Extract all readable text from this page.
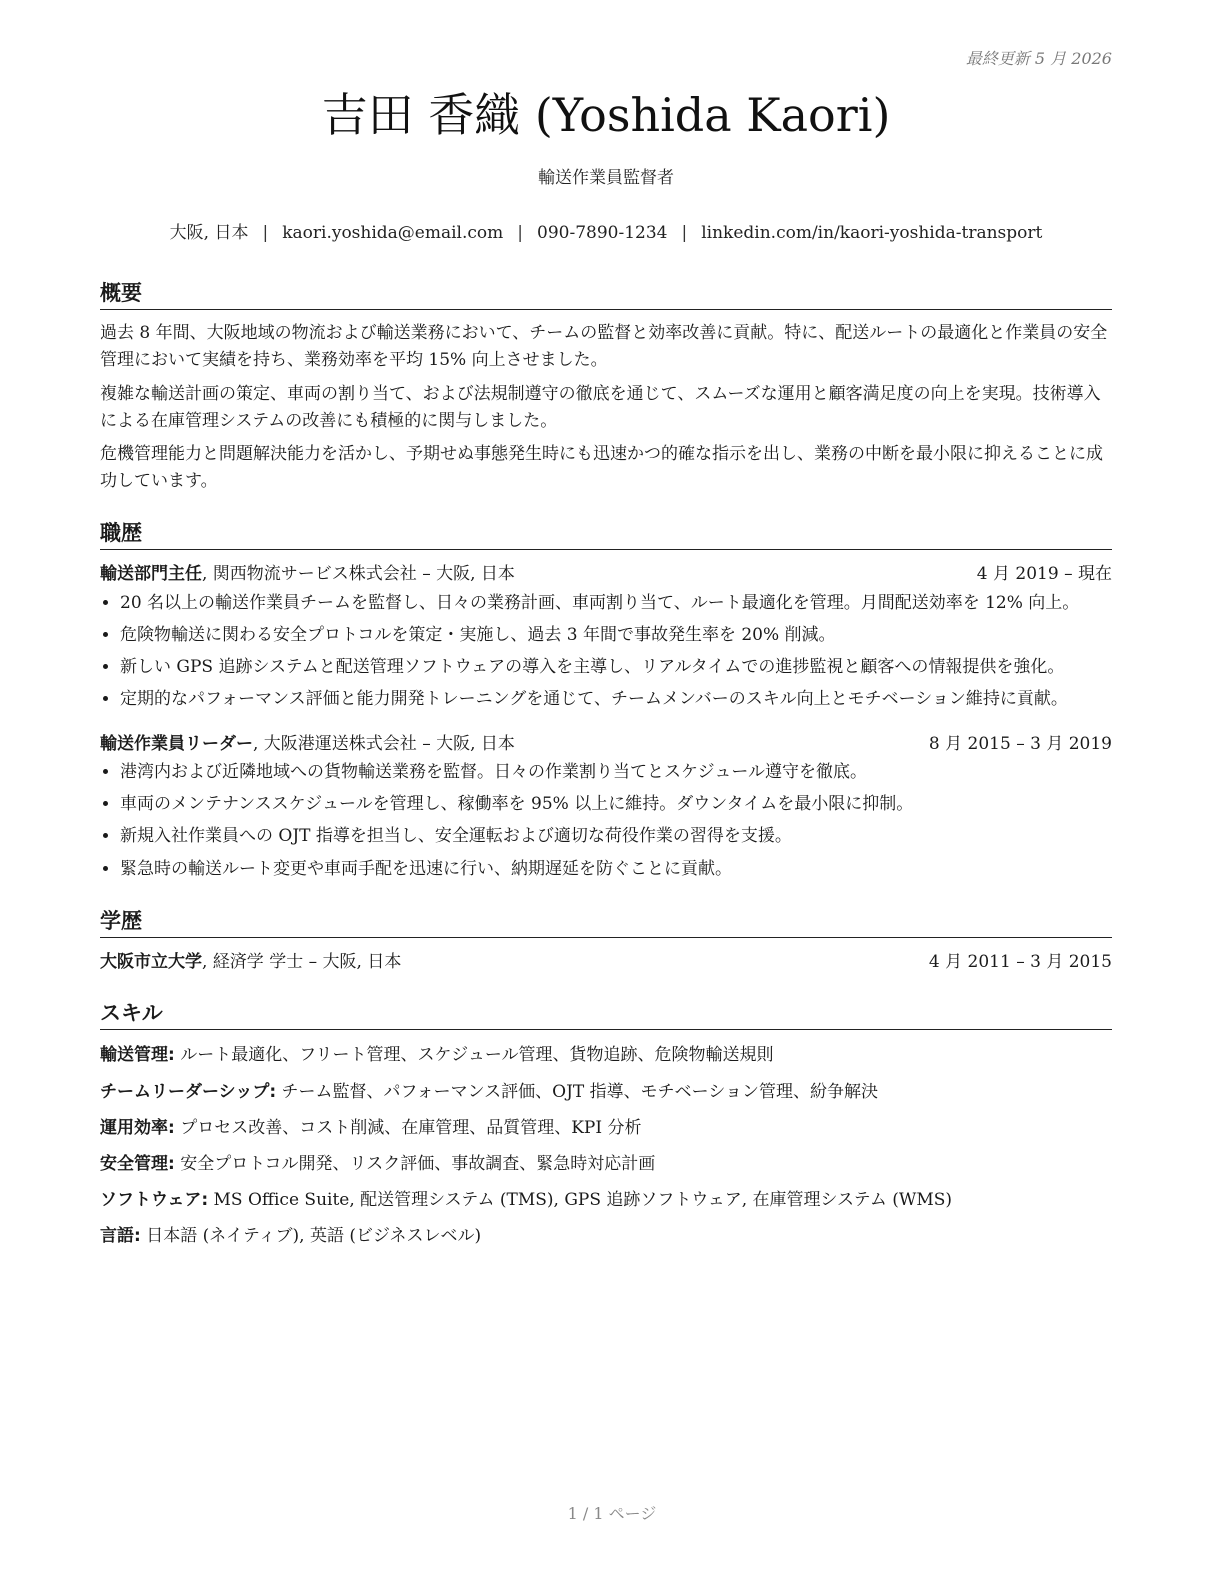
最終更新 5 月 2026
吉田 香織 (Yoshida Kaori)
輸送作業員監督者
大阪, 日本 | kaori.yoshida@email.com | 090-7890-1234 | linkedin.com/in/kaori-yoshida-transport
概要

過去 8 年間、大阪地域の物流および輸送業務において、チームの監督と効率改善に貢献。特に、配送ルートの最適化と作業員の安全管理において実績を持ち、業務効率を平均 15% 向上させました。

複雑な輸送計画の策定、車両の割り当て、および法規制遵守の徹底を通じて、スムーズな運用と顧客満足度の向上を実現。技術導入による在庫管理システムの改善にも積極的に関与しました。

危機管理能力と問題解決能力を活かし、予期せぬ事態発生時にも迅速かつ的確な指示を出し、業務の中断を最小限に抑えることに成功しています。

職歴
輸送部門主任, 関西物流サービス株式会社 – 大阪, 日本	4 月 2019 – 現在
• 20 名以上の輸送作業員チームを監督し、日々の業務計画、車両割り当て、ルート最適化を管理。月間配送効率を 12% 向上。
• 危険物輸送に関わる安全プロトコルを策定・実施し、過去 3 年間で事故発生率を 20% 削減。
• 新しい GPS 追跡システムと配送管理ソフトウェアの導入を主導し、リアルタイムでの進捗監視と顧客への情報提供を強化。
• 定期的なパフォーマンス評価と能力開発トレーニングを通じて、チームメンバーのスキル向上とモチベーション維持に貢献。
輸送作業員リーダー, 大阪港運送株式会社 – 大阪, 日本	8 月 2015 – 3 月 2019
• 港湾内および近隣地域への貨物輸送業務を監督。日々の作業割り当てとスケジュール遵守を徹底。
• 車両のメンテナンススケジュールを管理し、稼働率を 95% 以上に維持。ダウンタイムを最小限に抑制。
• 新規入社作業員への OJT 指導を担当し、安全運転および適切な荷役作業の習得を支援。
• 緊急時の輸送ルート変更や車両手配を迅速に行い、納期遅延を防ぐことに貢献。
学歴
大阪市立大学, 経済学 学士 – 大阪, 日本	4 月 2011 – 3 月 2015
スキル

輸送管理: ルート最適化、フリート管理、スケジュール管理、貨物追跡、危険物輸送規則

チームリーダーシップ: チーム監督、パフォーマンス評価、OJT 指導、モチベーション管理、紛争解決

運用効率: プロセス改善、コスト削減、在庫管理、品質管理、KPI 分析

安全管理: 安全プロトコル開発、リスク評価、事故調査、緊急時対応計画

ソフトウェア: MS Office Suite, 配送管理システム (TMS), GPS 追跡ソフトウェア, 在庫管理システム (WMS)

言語: 日本語 (ネイティブ), 英語 (ビジネスレベル)

1 / 1 ページ
